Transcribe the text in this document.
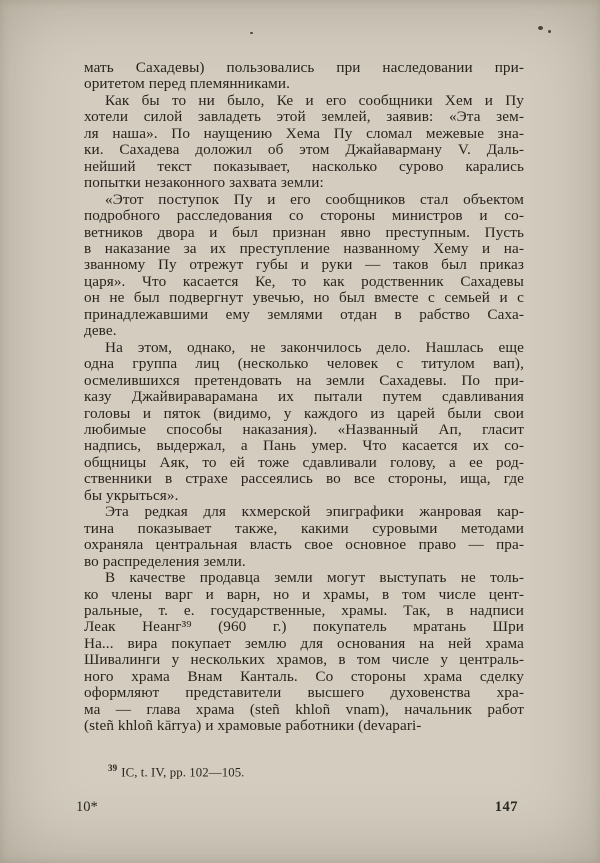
мать Сахадевы) пользовались при наследовании при-
оритетом перед племянниками.
Как бы то ни было, Ке и его сообщники Хем и Пу
хотели силой завладеть этой землей, заявив: «Эта зем-
ля наша». По наущению Хема Пу сломал межевые зна-
ки. Сахадева доложил об этом Джайаварману V. Даль-
нейший текст показывает, насколько сурово карались
попытки незаконного захвата земли:
«Этот поступок Пу и его сообщников стал объектом
подробного расследования со стороны министров и со-
ветников двора и был признан явно преступным. Пусть
в наказание за их преступление названному Хему и на-
званному Пу отрежут губы и руки — таков был приказ
царя». Что касается Ке, то как родственник Сахадевы
он не был подвергнут увечью, но был вместе с семьей и с
принадлежавшими ему землями отдан в рабство Саха-
деве.
На этом, однако, не закончилось дело. Нашлась еще
одна группа лиц (несколько человек с титулом вап),
осмелившихся претендовать на земли Сахадевы. По при-
казу Джайвираварамана их пытали путем сдавливания
головы и пяток (видимо, у каждого из царей были свои
любимые способы наказания). «Названный Ап, гласит
надпись, выдержал, а Пань умер. Что касается их со-
общницы Аяк, то ей тоже сдавливали голову, а ее род-
ственники в страхе рассеялись во все стороны, ища, где
бы укрыться».
Эта редкая для кхмерской эпиграфики жанровая кар-
тина показывает также, какими суровыми методами
охраняла центральная власть свое основное право — пра-
во распределения земли.
В качестве продавца земли могут выступать не толь-
ко члены варг и варн, но и храмы, в том числе цент-
ральные, т. е. государственные, храмы. Так, в надписи
Леак Неанг³⁹ (960 г.) покупатель мратань Шри
На... вира покупает землю для основания на ней храма
Шивалинги у нескольких храмов, в том числе у централь-
ного храма Внам Канталь. Со стороны храма сделку
оформляют представители высшего духовенства хра-
ма — глава храма (steñ khloñ vnam), начальник работ
(steñ khloñ kārrya) и храмовые работники (devapari-
$^{39}$ IC, t. IV, pp. 102—105.
10*	147
